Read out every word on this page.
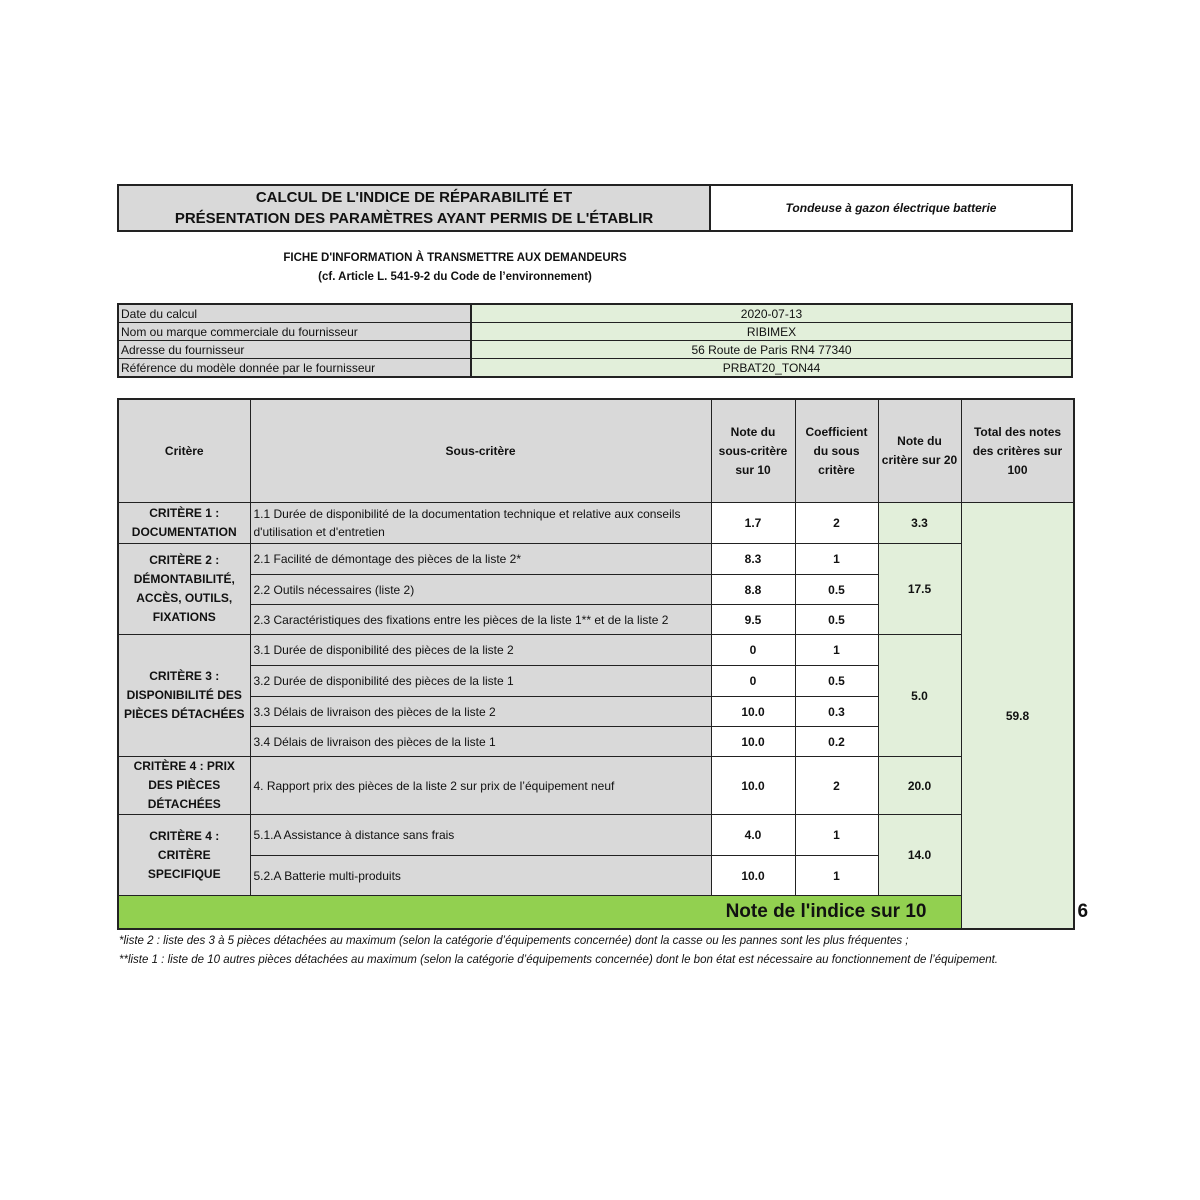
CALCUL DE L'INDICE DE RÉPARABILITÉ ET
PRÉSENTATION DES PARAMÈTRES AYANT PERMIS DE L'ÉTABLIR
Tondeuse à gazon électrique batterie
FICHE D'INFORMATION À TRANSMETTRE AUX DEMANDEURS
(cf. Article L. 541-9-2 du Code de l’environnement)
Date du calcul	2020-07-13
Nom ou marque commerciale du fournisseur	RIBIMEX
Adresse du fournisseur	56 Route de Paris RN4 77340
Référence du modèle donnée par le fournisseur	PRBAT20_TON44
Critère	Sous-critère	Note du sous-critère sur 10	Coefficient du sous critère	Note du critère sur 20	Total des notes des critères sur 100	
CRITÈRE 1 : DOCUMENTATION	1.1 Durée de disponibilité de la documentation technique et relative aux conseils d'utilisation et d'entretien	1.7	2	3.3	59.8	
CRITÈRE 2 : DÉMONTABILITÉ, ACCÈS, OUTILS, FIXATIONS	2.1 Facilité de démontage des pièces de la liste 2*	8.3	1	17.5		
	2.2 Outils nécessaires (liste 2)	8.8	0.5			
	2.3 Caractéristiques des fixations entre les pièces de la liste 1** et de la liste 2	9.5	0.5			
CRITÈRE 3 : DISPONIBILITÉ DES PIÈCES DÉTACHÉES	3.1 Durée de disponibilité des pièces de la liste 2	0	1	5.0		
	3.2 Durée de disponibilité des pièces de la liste 1	0	0.5			
	3.3 Délais de livraison des pièces de la liste 2	10.0	0.3			
	3.4 Délais de livraison des pièces de la liste 1	10.0	0.2			
CRITÈRE 4 : PRIX DES PIÈCES DÉTACHÉES	4. Rapport prix des pièces de la liste 2 sur prix de l’équipement neuf	10.0	2	20.0		
CRITÈRE 4 : CRITÈRE SPECIFIQUE	5.1.A Assistance à distance sans frais	4.0	1	14.0		
	5.2.A Batterie multi-produits	10.0	1			
Note de l'indice sur 10						6
*liste 2 : liste des 3 à 5 pièces détachées au maximum (selon la catégorie d’équipements concernée) dont la casse ou les pannes sont les plus fréquentes ;
**liste 1 : liste de 10 autres pièces détachées au maximum (selon la catégorie d’équipements concernée) dont le bon état est nécessaire au fonctionnement de l’équipement.
